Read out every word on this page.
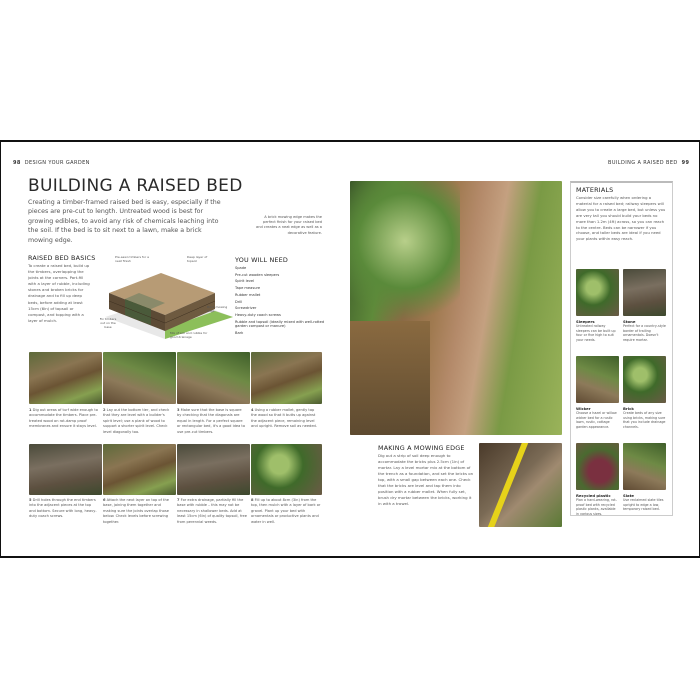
98 DESIGN YOUR GARDEN
BUILDING A RAISED BED
Creating a timber-framed raised bed is easy, especially if the pieces are pre-cut to length. Untreated wood is best for growing edibles, to avoid any risk of chemicals leaching into the soil. If the bed is to sit next to a lawn, make a brick mowing edge.
A brick mowing edge makes the perfect finish for your raised bed and creates a neat edge as well as a decorative feature.
RAISED BED BASICS
To create a raised bed, build up the timbers, overlapping the joints at the corners. Part-fill with a layer of rubble, including stones and broken bricks for drainage and to fill up deep beds, before adding at least 15cm (6in) of topsoil or compost, and topping with a layer of mulch.
Pre-sawn timbers for a neat finish
Deep layer of topsoil
Fix timbers out on the base
Mix of soil and rubble for good drainage
Brick mowing edge
YOU WILL NEED
Spade
Pre-cut wooden sleepers
Spirit level
Tape measure
Rubber mallet
Drill
Screwdriver
Heavy-duty coach screws
Rubble and topsoil (ideally mixed with well-rotted garden compost or manure)
Bark
1 Dig out areas of turf wide enough to accommodate the timbers. Place pre-treated wood on rot-damp proof membranes and ensure it stays level.
2 Lay out the bottom tier, and check that they are level with a builder's spirit level; use a plank of wood to support a shorter spirit level. Check level diagonally too.
3 Make sure that the base is square by checking that the diagonals are equal in length. For a perfect square or rectangular bed, it's a good idea to use pre-cut timbers.
4 Using a rubber mallet, gently tap the wood so that it butts up against the adjacent piece, remaining level and upright. Remove soil as needed.
5 Drill holes through the end timbers into the adjacent pieces at the top and bottom. Secure with long, heavy-duty coach screws.
6 Attach the next layer on top of the base, joining them together and making sure the joints overlap those below. Check levels before screwing together.
7 For extra drainage, partially fill the base with rubble – this may not be necessary in shallower beds. Add at least 15cm (6in) of quality topsoil, free from perennial weeds.
8 Fill up to about 8cm (3in) from the top, then mulch with a layer of bark or gravel. Plant up your bed with ornamentals or productive plants and water in well.
BUILDING A RAISED BED 99
MATERIALS
Consider size carefully when ordering a material for a raised bed; railway sleepers will allow you to create a large bed, but unless you are very tall you should build your beds no more than 1.2m (4ft) across, so you can reach to the centre. Beds can be narrower if you choose, and taller beds are ideal if you need your plants within easy reach.
Sleepers
Untreated railway sleepers can be built up four or five high to suit your needs.
Stone
Perfect for a country-style border of trailing ornamentals. Doesn't require mortar.
Wicker
Choose a hazel or willow wicker bed for a rustic lawn, rustic, cottage garden appearance.
Brick
Create beds of any size using bricks, making sure that you include drainage channels.
Recycled plastic
Plan a hard-wearing, rot-proof bed with recycled plastic planks, available in various sizes.
Slate
Use reclaimed slate tiles upright to edge a low, temporary raised bed.
MAKING A MOWING EDGE
Dig out a strip of soil deep enough to accommodate the bricks plus 2.5cm (1in) of mortar. Lay a level mortar mix at the bottom of the trench as a foundation, and set the bricks on top, with a small gap between each one. Check that the bricks are level and tap them into position with a rubber mallet. When fully set, brush dry mortar between the bricks, working it in with a trowel.
